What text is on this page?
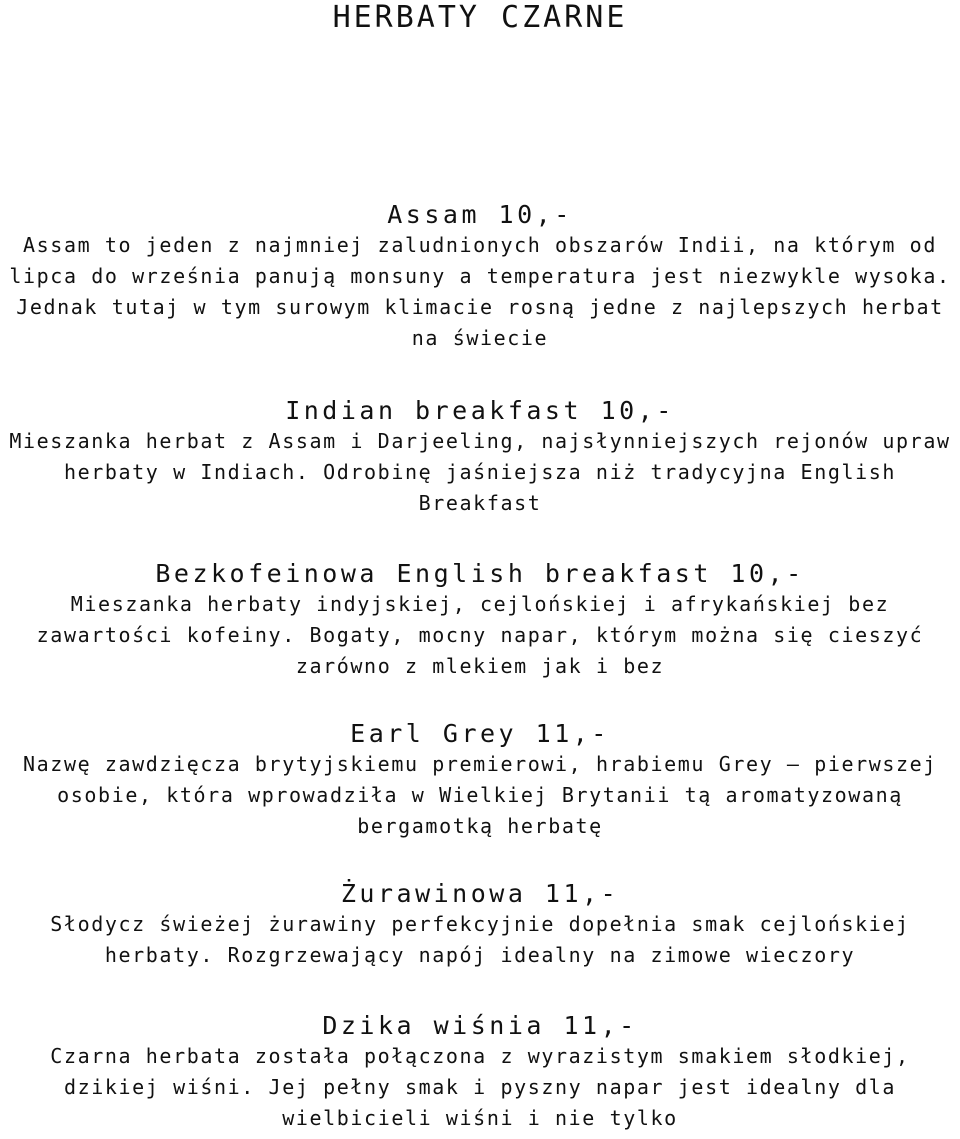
HERBATY CZARNE
Assam 10,-

Assam to jeden z najmniej zaludnionych obszarów Indii, na którym od lipca do września panują monsuny a temperatura jest niezwykle wysoka. Jednak tutaj w tym surowym klimacie rosną jedne z najlepszych herbat na świecie

Indian breakfast 10,-

Mieszanka herbat z Assam i Darjeeling, najsłynniejszych rejonów upraw herbaty w Indiach. Odrobinę jaśniejsza niż tradycyjna English Breakfast

Bezkofeinowa English breakfast 10,-

Mieszanka herbaty indyjskiej, cejlońskiej i afrykańskiej bez zawartości kofeiny. Bogaty, mocny napar, którym można się cieszyć zarówno z mlekiem jak i bez

Earl Grey 11,-

Nazwę zawdzięcza brytyjskiemu premierowi, hrabiemu Grey – pierwszej osobie, która wprowadziła w Wielkiej Brytanii tą aromatyzowaną bergamotką herbatę

Żurawinowa 11,-

Słodycz świeżej żurawiny perfekcyjnie dopełnia smak cejlońskiej herbaty. Rozgrzewający napój idealny na zimowe wieczory

Dzika wiśnia 11,-

Czarna herbata została połączona z wyrazistym smakiem słodkiej, dzikiej wiśni. Jej pełny smak i pyszny napar jest idealny dla wielbicieli wiśni i nie tylko
